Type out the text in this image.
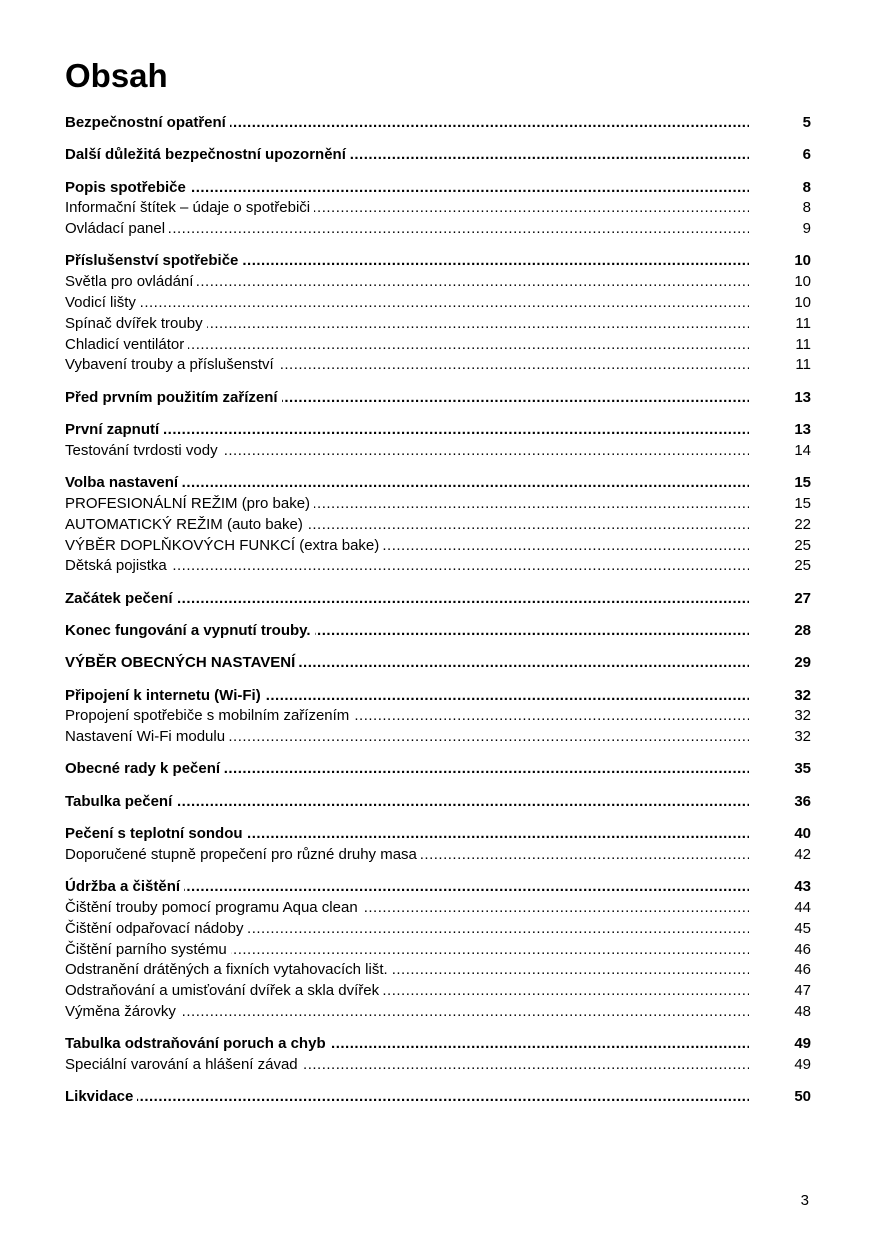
Obsah
Bezpečnostní opatření .....	5
Další důležitá bezpečnostní upozornění .....	6
Popis spotřebiče .....	8
Informační štítek – údaje o spotřebiči .....	8
Ovládací panel .....	9
Příslušenství spotřebiče .....	10
Světla pro ovládání .....	10
Vodicí lišty .....	10
Spínač dvířek trouby .....	11
Chladicí ventilátor .....	11
Vybavení trouby a příslušenství .....	11
Před prvním použitím zařízení .....	13
První zapnutí .....	13
Testování tvrdosti vody .....	14
Volba nastavení .....	15
PROFESIONÁLNÍ REŽIM (pro bake) .....	15
AUTOMATICKÝ REŽIM (auto bake) .....	22
VÝBĚR DOPLŇKOVÝCH FUNKCÍ (extra bake) .....	25
Dětská pojistka .....	25
Začátek pečení .....	27
Konec fungování a vypnutí trouby. .....	28
VÝBĚR OBECNÝCH NASTAVENÍ .....	29
Připojení k internetu (Wi-Fi) .....	32
Propojení spotřebiče s mobilním zařízením .....	32
Nastavení Wi-Fi modulu .....	32
Obecné rady k pečení .....	35
Tabulka pečení .....	36
Pečení s teplotní sondou .....	40
Doporučené stupně propečení pro různé druhy masa .....	42
Údržba a čištění .....	43
Čištění trouby pomocí programu Aqua clean .....	44
Čištění odpařovací nádoby .....	45
Čištění parního systému .....	46
Odstranění drátěných a fixních vytahovacích lišt. .....	46
Odstraňování a umisťování dvířek a skla dvířek .....	47
Výměna žárovky .....	48
Tabulka odstraňování poruch a chyb .....	49
Speciální varování a hlášení závad .....	49
Likvidace .....	50
3
